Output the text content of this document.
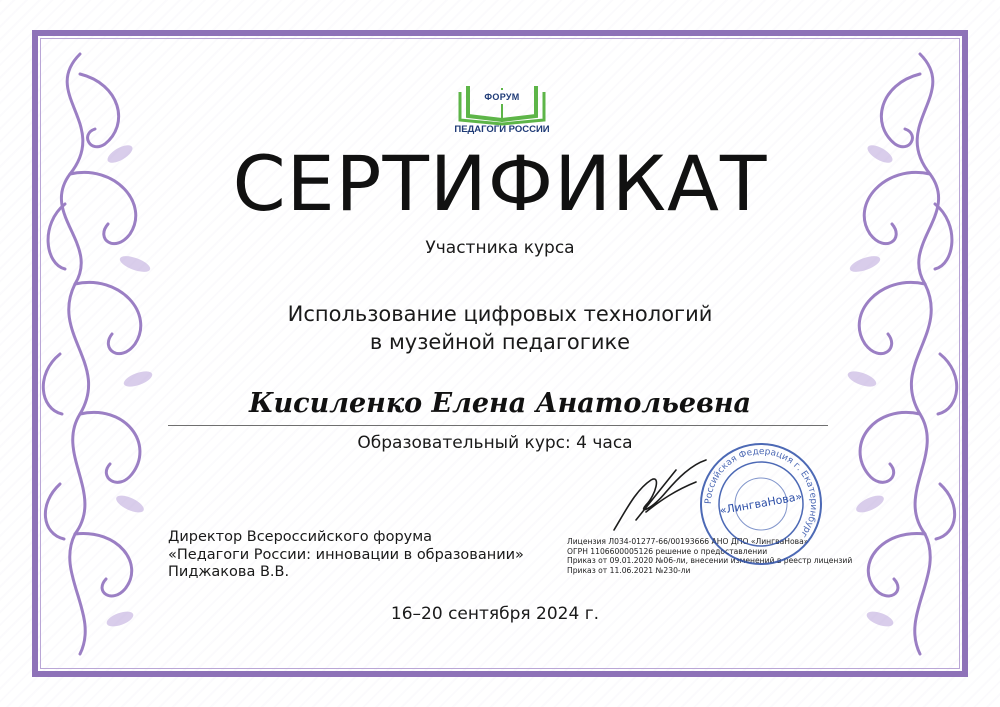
ФОРУМ
ПЕДАГОГИ РОССИИ
СЕРТИФИКАТ
Участника курса
Использование цифровых технологий
в музейной педагогике
Кисиленко Елена Анатольевна
Образовательный курс: 4 часа
Директор Всероссийского форума
«Педагоги России: инновации в образовании»
Пиджакова В.В.
Лицензия Л034-01277-66/00193666 АНО ДПО «ЛингваНова»
ОГРН 1106600005126 решение о предоставлении
Приказ от 09.01.2020 №06-ли, внесении изменений в реестр лицензий
Приказ от 11.06.2021 №230-ли
Российская Федерация г. Екатеринбург
«ЛингваНова»
16–20 сентября 2024 г.
